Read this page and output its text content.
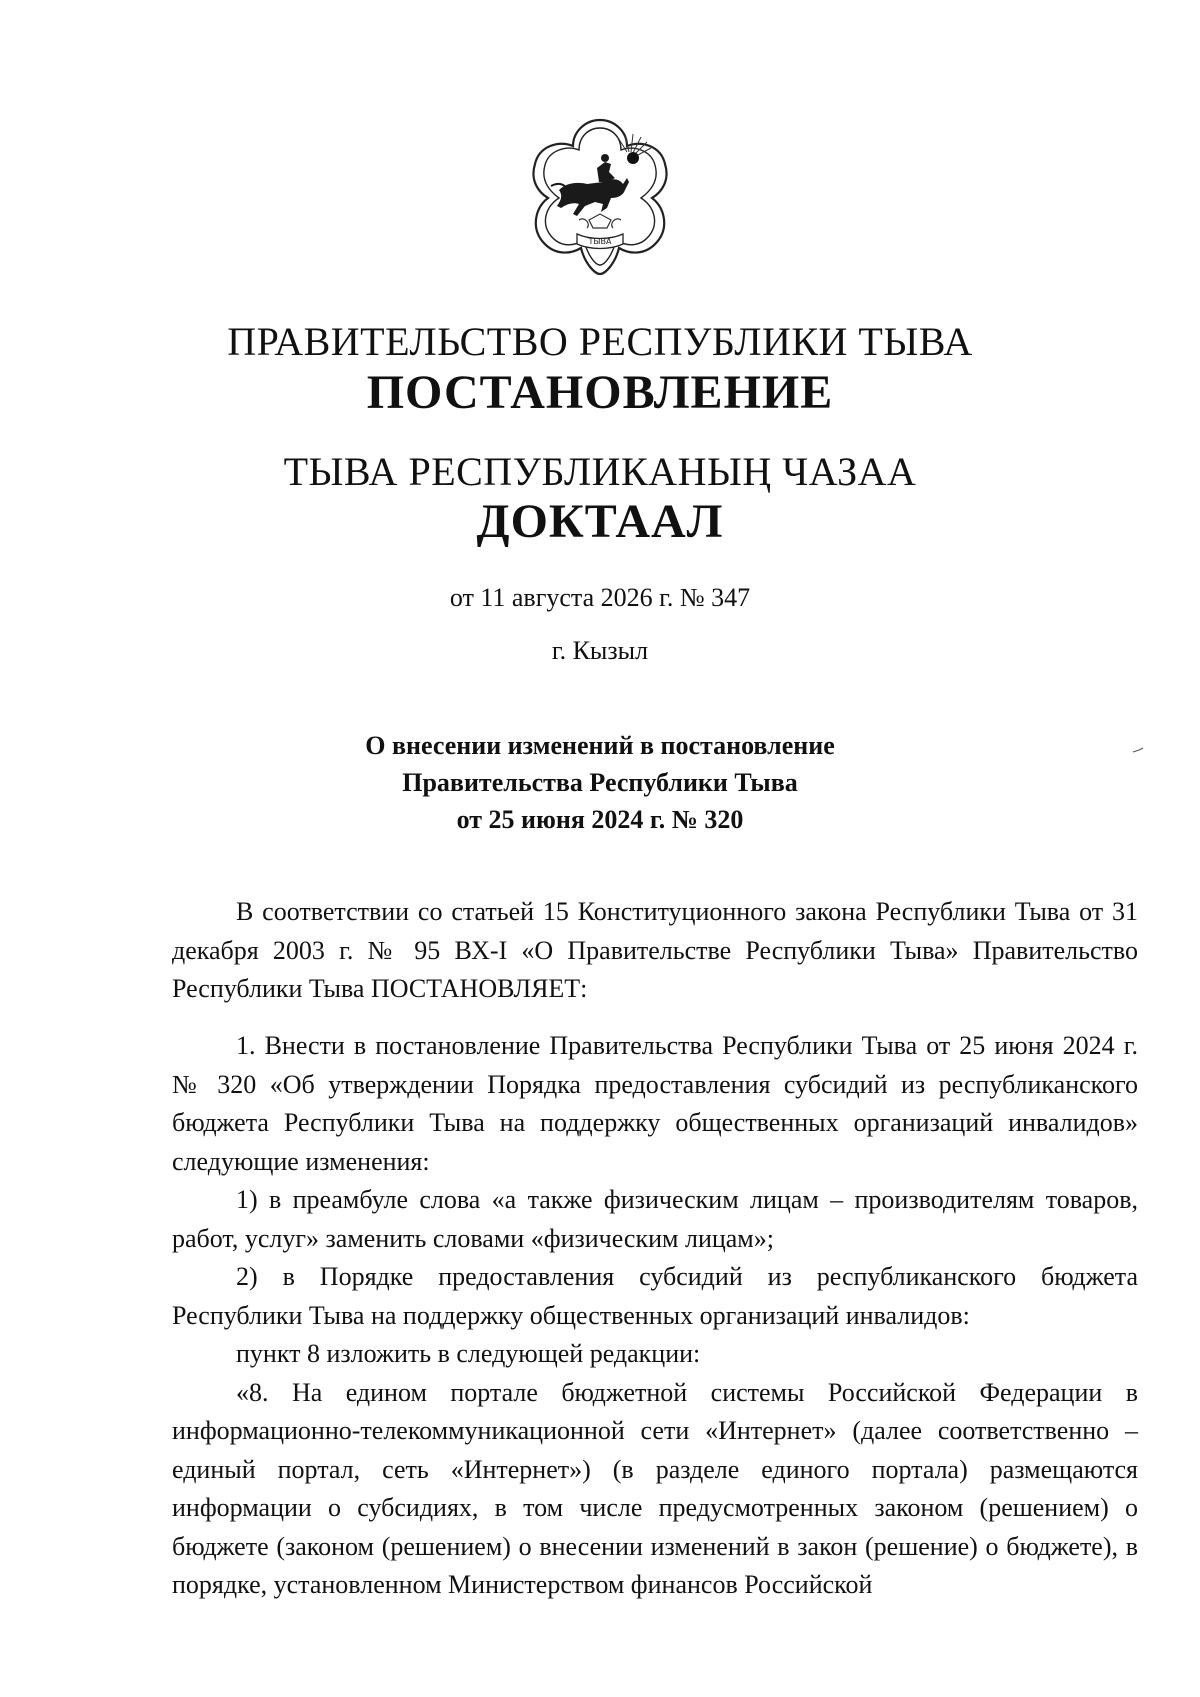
ТЫВА
ПРАВИТЕЛЬСТВО РЕСПУБЛИКИ ТЫВА
ПОСТАНОВЛЕНИЕ
ТЫВА РЕСПУБЛИКАНЫҢ ЧАЗАА
ДОКТААЛ
от 11 августа 2026 г. № 347
г. Кызыл
О внесении изменений в постановление
Правительства Республики Тыва
от 25 июня 2024 г. № 320

В соответствии со статьей 15 Конституционного закона Республики Тыва от 31 декабря 2003 г. № 95 ВХ-I «О Правительстве Республики Тыва» Правительство Республики Тыва ПОСТАНОВЛЯЕТ:

1. Внести в постановление Правительства Республики Тыва от 25 июня 2024 г. № 320 «Об утверждении Порядка предоставления субсидий из республиканского бюджета Республики Тыва на поддержку общественных организаций инвалидов» следующие изменения:

1) в преамбуле слова «а также физическим лицам – производителям товаров, работ, услуг» заменить словами «физическим лицам»;

2) в Порядке предоставления субсидий из республиканского бюджета Республики Тыва на поддержку общественных организаций инвалидов:

пункт 8 изложить в следующей редакции:

«8. На едином портале бюджетной системы Российской Федерации в информационно-телекоммуникационной сети «Интернет» (далее соответственно – единый портал, сеть «Интернет») (в разделе единого портала) размещаются информации о субсидиях, в том числе предусмотренных законом (решением) о бюджете (законом (решением) о внесении изменений в закон (решение) о бюджете), в порядке, установленном Министерством финансов Российской
